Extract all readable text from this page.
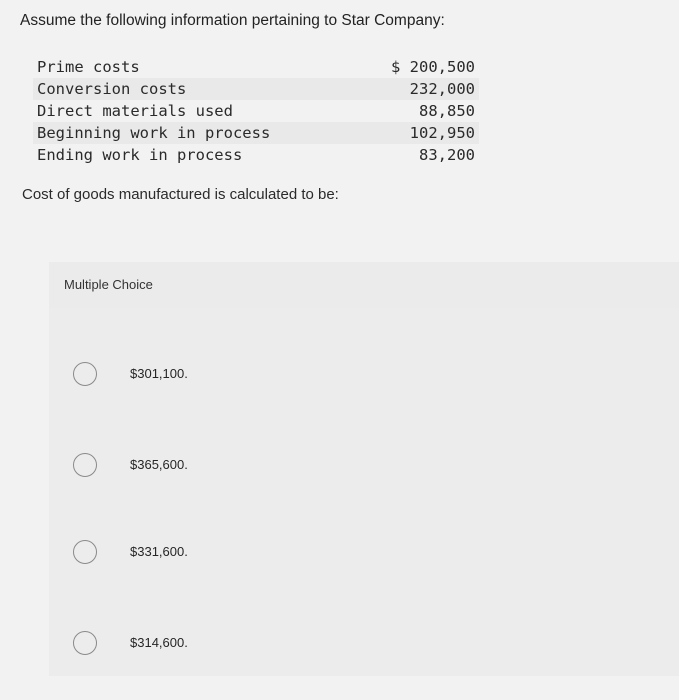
Assume the following information pertaining to Star Company:
Prime costs	$ 200,500
Conversion costs	232,000
Direct materials used	88,850
Beginning work in process	102,950
Ending work in process	83,200
Cost of goods manufactured is calculated to be:
Multiple Choice
$301,100.
$365,600.
$331,600.
$314,600.
